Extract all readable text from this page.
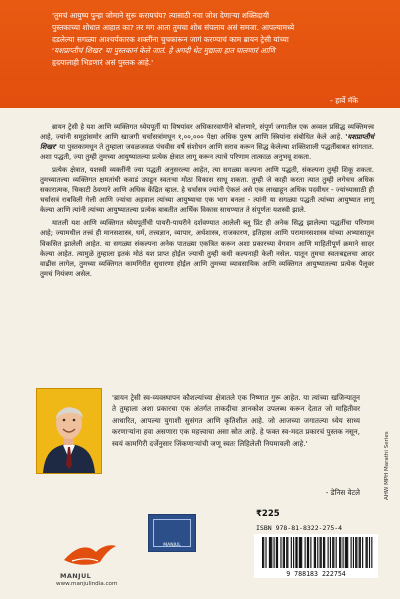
'तुमचं आयुष्य पुन्हा जोमाने सुरू करायचंय? त्यासाठी नवा जोश देणाऱ्या शक्तिदायी
पुस्तकाच्या शोधात आहात का? तर मग आता तुमचा शोध संपलाय असं समजा. आपल्यामध्ये
दडलेल्या सगळ्या आश्चर्यकारक शक्तींना चुचकारून जागं करण्याचं काम ब्रायन ट्रेसी यांच्या
'यशप्राप्तीचं शिखर' या पुस्तकानं केले जातं. हे अगदी थेट मुद्याला हात घालणारं आणि
हृदयालाही भिडणारं असं पुस्तक आहे.'
- हार्वे मॅके

ब्रायन ट्रेसी हे यश आणि व्यक्तिगत ध्येयपूर्ती या विषयांवर अधिकारवाणीने बोलणारे, संपूर्ण जगातील एक अव्वल प्रसिद्ध व्यक्तिमत्त्व आहे, ज्यांनी समूहांसमोर आणि खाजगी चर्चासत्रांमधून १,००,००० पेक्षा अधिक पुरुष आणि स्त्रियांना संबोधित केले आहे. 'यशप्राप्तीचं शिखर' या पुस्तकामधून ते तुम्हाला जवळजवळ पंचवीस वर्षे संशोधन आणि सराव करून सिद्ध केलेल्या शक्तिशाली पद्धतींबाबत सांगतात. अशा पद्धती, ज्या तुम्ही तुमच्या आयुष्यातल्या प्रत्येक क्षेत्रात लागू करून त्याचे परिणाम तात्काळ अनुभवू शकता.

प्रत्येक क्षेत्रात, यशस्वी व्यक्तींनी ज्या पद्धती अनुसरल्या आहेत, त्या सगळ्या कल्पना आणि पद्धती, संकल्पना तुम्ही शिकू शकता. तुमच्यातल्या व्यक्तिगत क्षमतांची कवाडं उघडून स्वतःचा मोठा विकास साधू शकता. तुम्ही जे काही करता त्यात तुम्ही लगेचच अधिक सकारात्मक, चिकाटी ठेवणारे आणि अधिक केंद्रित व्हाल. हे चर्चासत्र ज्यांनी ऐकलं असे एक लाखाहून अधिक पदवीधर - ज्यांच्यासाठी ही चर्चासत्रं राबविली गेली आणि ज्यांचा अहवाल त्यांच्या आयुष्याचा एक भाग बनला - त्यांनी या सगळ्या पद्धती त्यांच्या आयुष्यात लागू केल्या आणि त्यांनी त्यांच्या आयुष्यातल्या प्रत्येक बाबतीत आर्थिक विकास साधण्यात ते संपूर्णतः यशस्वी झाले.

यातली यश आणि व्यक्तिगत ध्येयपूर्तीची पायरी-पायरीने दर्शवण्यात आलेली ब्लू प्रिंट ही अनेक सिद्ध झालेल्या पद्धतींचा परिणाम आहे; ज्यामधील तत्त्वं ही मानसशास्त्र, धर्म, तत्त्वज्ञान, व्यापार, अर्थशास्त्र, राजकारण, इतिहास आणि परामानसशास्त्र यांच्या अभ्यासातून विकसित झालेली आहेत. या सगळ्या संकल्पना अनेक पातळ्या एकत्रित करून अशा प्रकारच्या वेगवान आणि माहितीपूर्ण क्रमाने सादर केल्या आहेत. त्यामुळे तुम्हाला इतकं मोठं यश प्राप्त होईल ज्याची तुम्ही कधी कल्पनाही केली नसेल. यातून तुमचा स्वतःबद्दलचा आदर वाढीस लागेल, तुमच्या व्यक्तिगत कामगिरीत सुधारणा होईल आणि तुमच्या व्यावसायिक आणि व्यक्तिगत आयुष्यातल्या प्रत्येक पैलूवर तुमचं नियंत्रण असेल.

'ब्रायन ट्रेसी स्व-व्यवस्थापन कौशल्यांच्या क्षेत्रातले एक निष्णात गुरू आहेत. या त्यांच्या खजिन्यातून ते तुम्हाला अशा प्रकारचा एक अंतर्गत ताकदीचा ज्ञानकोश उपलब्ध करून देतात जो माहितीवर आधारित, आपल्या युगाशी सुसंगत आणि कृतिशील आहे. जो आजच्या जगातल्या ध्येय साध्य करणाऱ्यांना हवा असणारा एक महत्त्वाचा असा स्रोत आहे. हे फक्त स्व-मदत प्रकारचं पुस्तक नसून, स्वयं कामगिरी दर्जेनुसार जिंकणाऱ्यांची जणू स्वतः लिहिलेली नियमावली आहे.'
- डेनिस वेटले
₹225
ISBN 978-81-8322-275-4
9 788183 222754
AHW MPH Marathi Series
MANJUL
MANJUL
www.manjulindia.com
